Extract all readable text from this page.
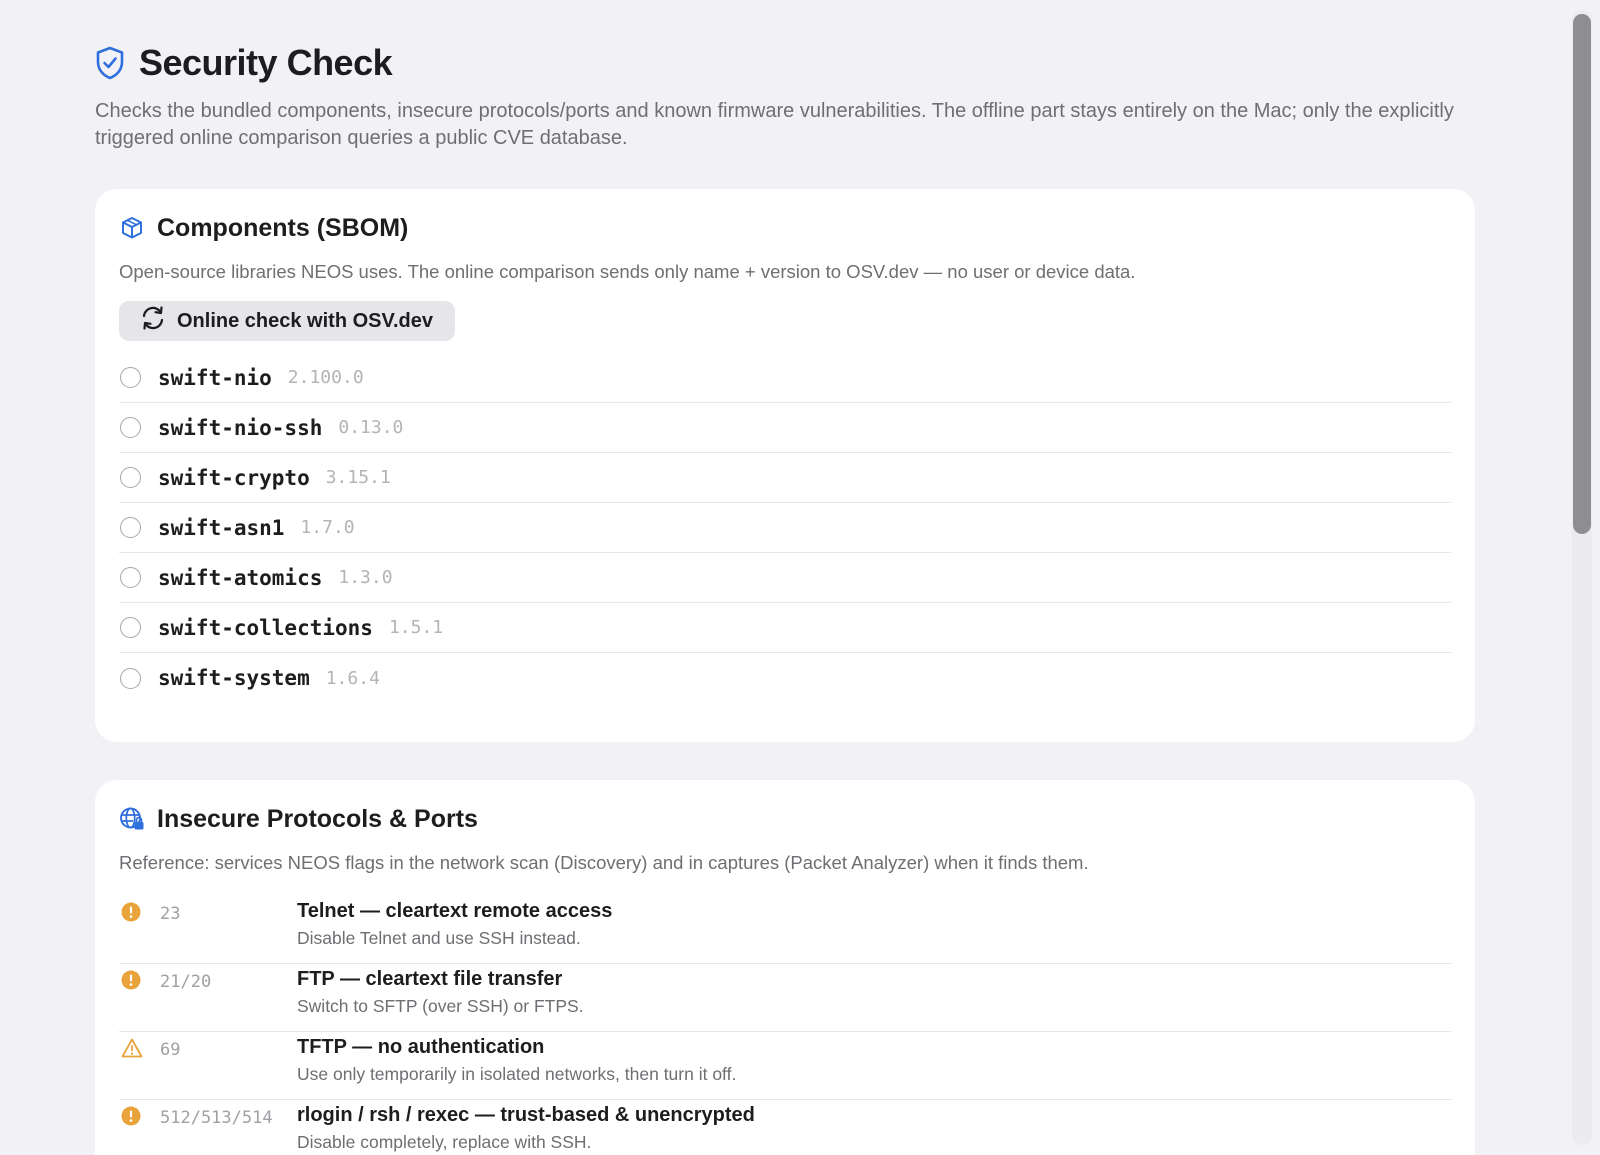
Security Check

Checks the bundled components, insecure protocols/ports and known firmware vulnerabilities. The offline part stays entirely on the Mac; only the explicitly triggered online comparison queries a public CVE database.

Components (SBOM)

Open-source libraries NEOS uses. The online comparison sends only name + version to OSV.dev — no user or device data.

Online check with OSV.dev
swift-nio 2.100.0
swift-nio-ssh 0.13.0
swift-crypto 3.15.1
swift-asn1 1.7.0
swift-atomics 1.3.0
swift-collections 1.5.1
swift-system 1.6.4
Insecure Protocols & Ports

Reference: services NEOS flags in the network scan (Discovery) and in captures (Packet Analyzer) when it finds them.

23	Telnet — cleartext remote access
Disable Telnet and use SSH instead.
21/20	FTP — cleartext file transfer
Switch to SFTP (over SSH) or FTPS.
69	TFTP — no authentication
Use only temporarily in isolated networks, then turn it off.
512/513/514	rlogin / rsh / rexec — trust-based & unencrypted
Disable completely, replace with SSH.
